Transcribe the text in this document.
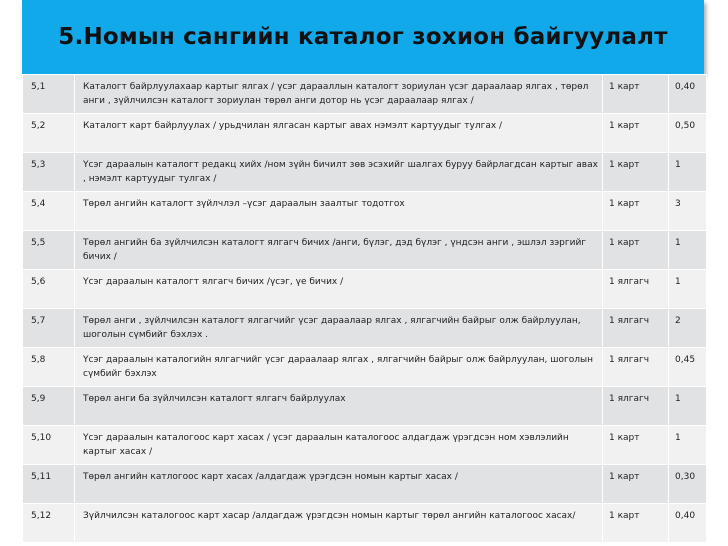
5.Номын сангийн каталог зохион байгуулалт
5,1	Каталогт байрлуулахаар картыг ялгах / үсэг дарааллын каталогт зориулан үсэг дараалаар ялгах , төрөл анги , зүйлчилсэн каталогт зориулан төрөл анги дотор нь үсэг дараалаар ялгах /	1 карт	0,40
5,2	Каталогт карт байрлуулах / урьдчилан ялгасан картыг авах нэмэлт картуудыг тулгах /	1 карт	0,50
5,3	Үсэг дараалын каталогт редакц хийх /ном зүйн бичилт зөв эсэхийг шалгах буруу байрлагдсан картыг авах , нэмэлт картуудыг тулгах /	1 карт	1
5,4	Төрөл ангийн каталогт зүйлчлэл –үсэг дараалын заалтыг тодотгох	1 карт	3
5,5	Төрөл ангийн ба зүйлчилсэн каталогт ялгагч бичих /анги, бүлэг, дэд бүлэг , үндсэн анги , эшлэл зэргийг бичих /	1 карт	1
5,6	Үсэг дараалын каталогт ялгагч бичих /үсэг, үе бичих /	1 ялгагч	1
5,7	Төрөл анги , зүйлчилсэн каталогт ялгагчийг үсэг дараалаар ялгах , ялгагчийн байрыг олж байрлуулан, шоголын сүмбийг бэхлэх .	1 ялгагч	2
5,8	Үсэг дараалын каталогийн ялгагчийг үсэг дараалаар ялгах , ялгагчийн байрыг олж байрлуулан, шоголын сүмбийг бэхлэх	1 ялгагч	0,45
5,9	Төрөл анги ба зүйлчилсэн каталогт ялгагч байрлуулах	1 ялгагч	1
5,10	Үсэг дараалын каталогоос карт хасах / үсэг дараалын каталогоос алдагдаж үрэгдсэн ном хэвлэлийн картыг хасах /	1 карт	1
5,11	Төрөл ангийн катлогоос карт хасах /алдагдаж үрэгдсэн номын картыг хасах /	1 карт	0,30
5,12	Зүйлчилсэн каталогоос карт хасар /алдагдаж үрэгдсэн номын картыг төрөл ангийн каталогоос хасах/	1 карт	0,40
